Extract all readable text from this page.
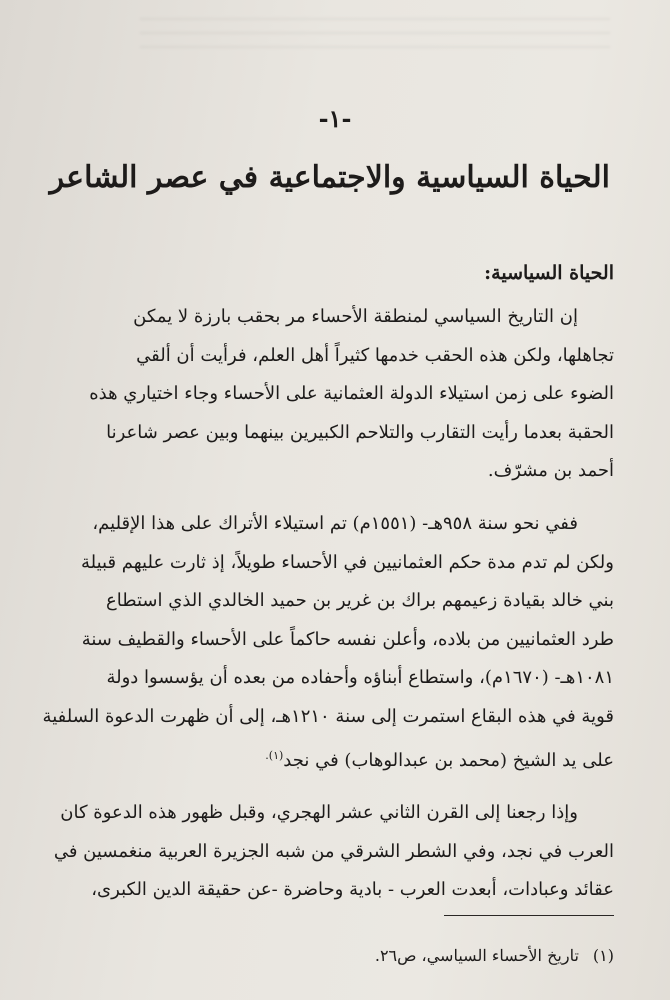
-١-
الحياة السياسية والاجتماعية في عصر الشاعر
الحياة السياسية:
إن التاريخ السياسي لمنطقة الأحساء مر بحقب بارزة لا يمكن
تجاهلها، ولكن هذه الحقب خدمها كثيراً أهل العلم، فرأيت أن ألقي
الضوء على زمن استيلاء الدولة العثمانية على الأحساء وجاء اختياري هذه
الحقبة بعدما رأيت التقارب والتلاحم الكبيرين بينهما وبين عصر شاعرنا
أحمد بن مشرّف.
ففي نحو سنة ٩٥٨هـ- (١٥٥١م) تم استيلاء الأتراك على هذا الإقليم،
ولكن لم تدم مدة حكم العثمانيين في الأحساء طويلاً، إذ ثارت عليهم قبيلة
بني خالد بقيادة زعيمهم براك بن غرير بن حميد الخالدي الذي استطاع
طرد العثمانيين من بلاده، وأعلن نفسه حاكماً على الأحساء والقطيف سنة
١٠٨١هـ- (١٦٧٠م)، واستطاع أبناؤه وأحفاده من بعده أن يؤسسوا دولة
قوية في هذه البقاع استمرت إلى سنة ١٢١٠هـ، إلى أن ظهرت الدعوة السلفية
على يد الشيخ (محمد بن عبدالوهاب) في نجد$^{(١).}$
وإذا رجعنا إلى القرن الثاني عشر الهجري، وقبل ظهور هذه الدعوة كان
العرب في نجد، وفي الشطر الشرقي من شبه الجزيرة العربية منغمسين في
عقائد وعبادات، أبعدت العرب - بادية وحاضرة -عن حقيقة الدين الكبرى،
(١)تاريخ الأحساء السياسي، ص٢٦.
